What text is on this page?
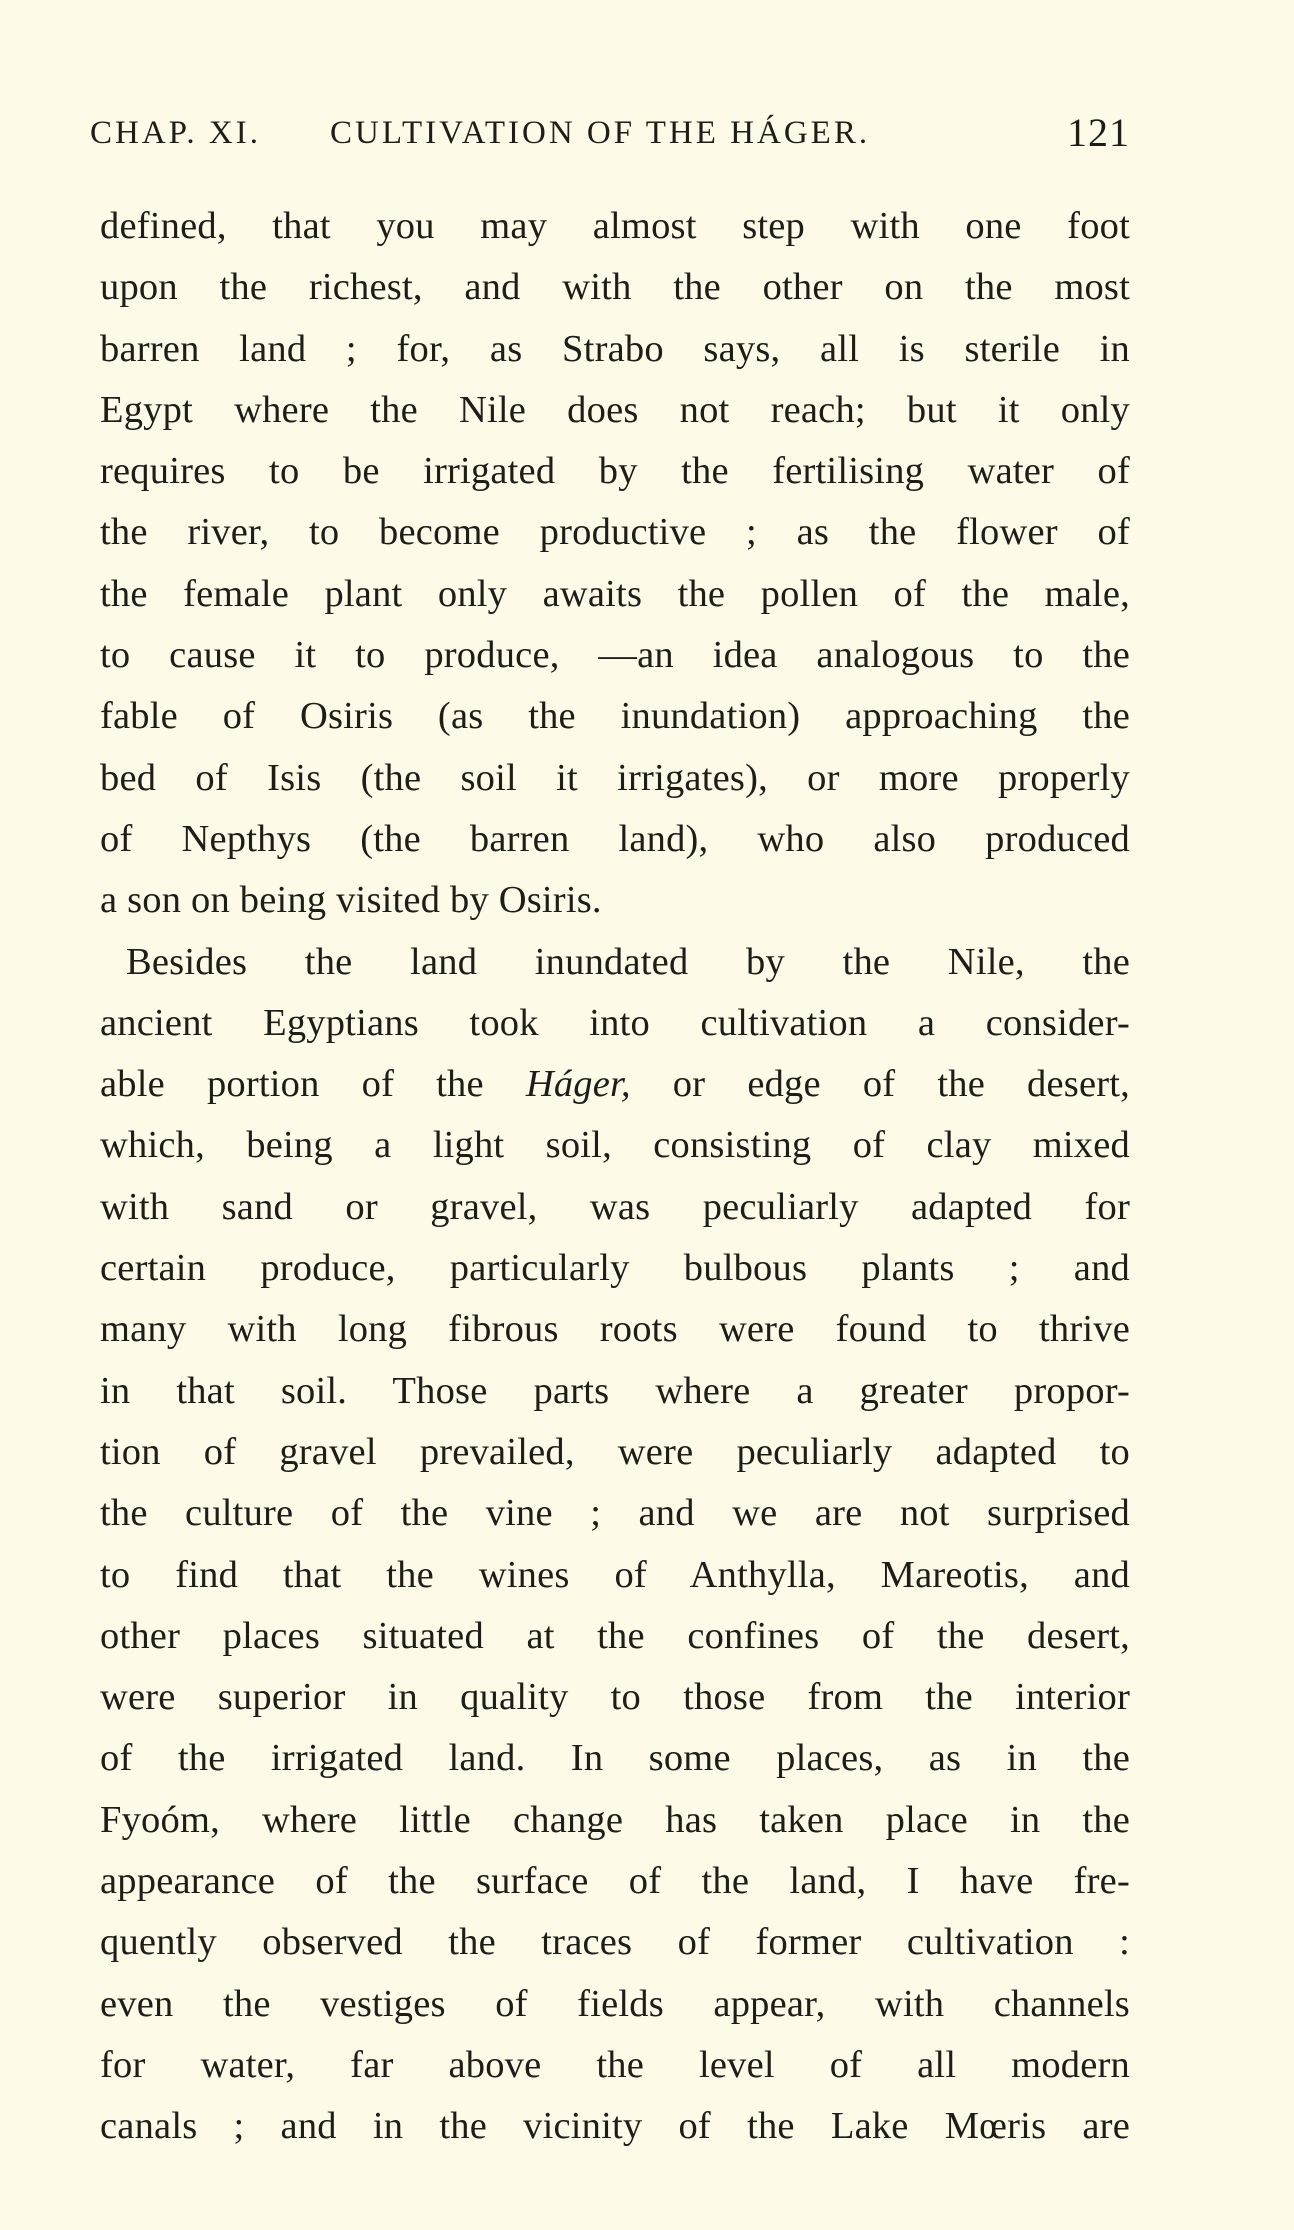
CHAP. XI. CULTIVATION OF THE HÁGER.	121
defined, that you may almost step with one foot
upon the richest, and with the other on the most
barren land ; for, as Strabo says, all is sterile in
Egypt where the Nile does not reach; but it only
requires to be irrigated by the fertilising water of
the river, to become productive ; as the flower of
the female plant only awaits the pollen of the male,
to cause it to produce, —an idea analogous to the
fable of Osiris (as the inundation) approaching the
bed of Isis (the soil it irrigates), or more properly
of Nepthys (the barren land), who also produced
a son on being visited by Osiris.
Besides the land inundated by the Nile, the
ancient Egyptians took into cultivation a consider-
able portion of the Háger, or edge of the desert,
which, being a light soil, consisting of clay mixed
with sand or gravel, was peculiarly adapted for
certain produce, particularly bulbous plants ; and
many with long fibrous roots were found to thrive
in that soil. Those parts where a greater propor-
tion of gravel prevailed, were peculiarly adapted to
the culture of the vine ; and we are not surprised
to find that the wines of Anthylla, Mareotis, and
other places situated at the confines of the desert,
were superior in quality to those from the interior
of the irrigated land. In some places, as in the
Fyoóm, where little change has taken place in the
appearance of the surface of the land, I have fre-
quently observed the traces of former cultivation :
even the vestiges of fields appear, with channels
for water, far above the level of all modern
canals ; and in the vicinity of the Lake Mœris are
